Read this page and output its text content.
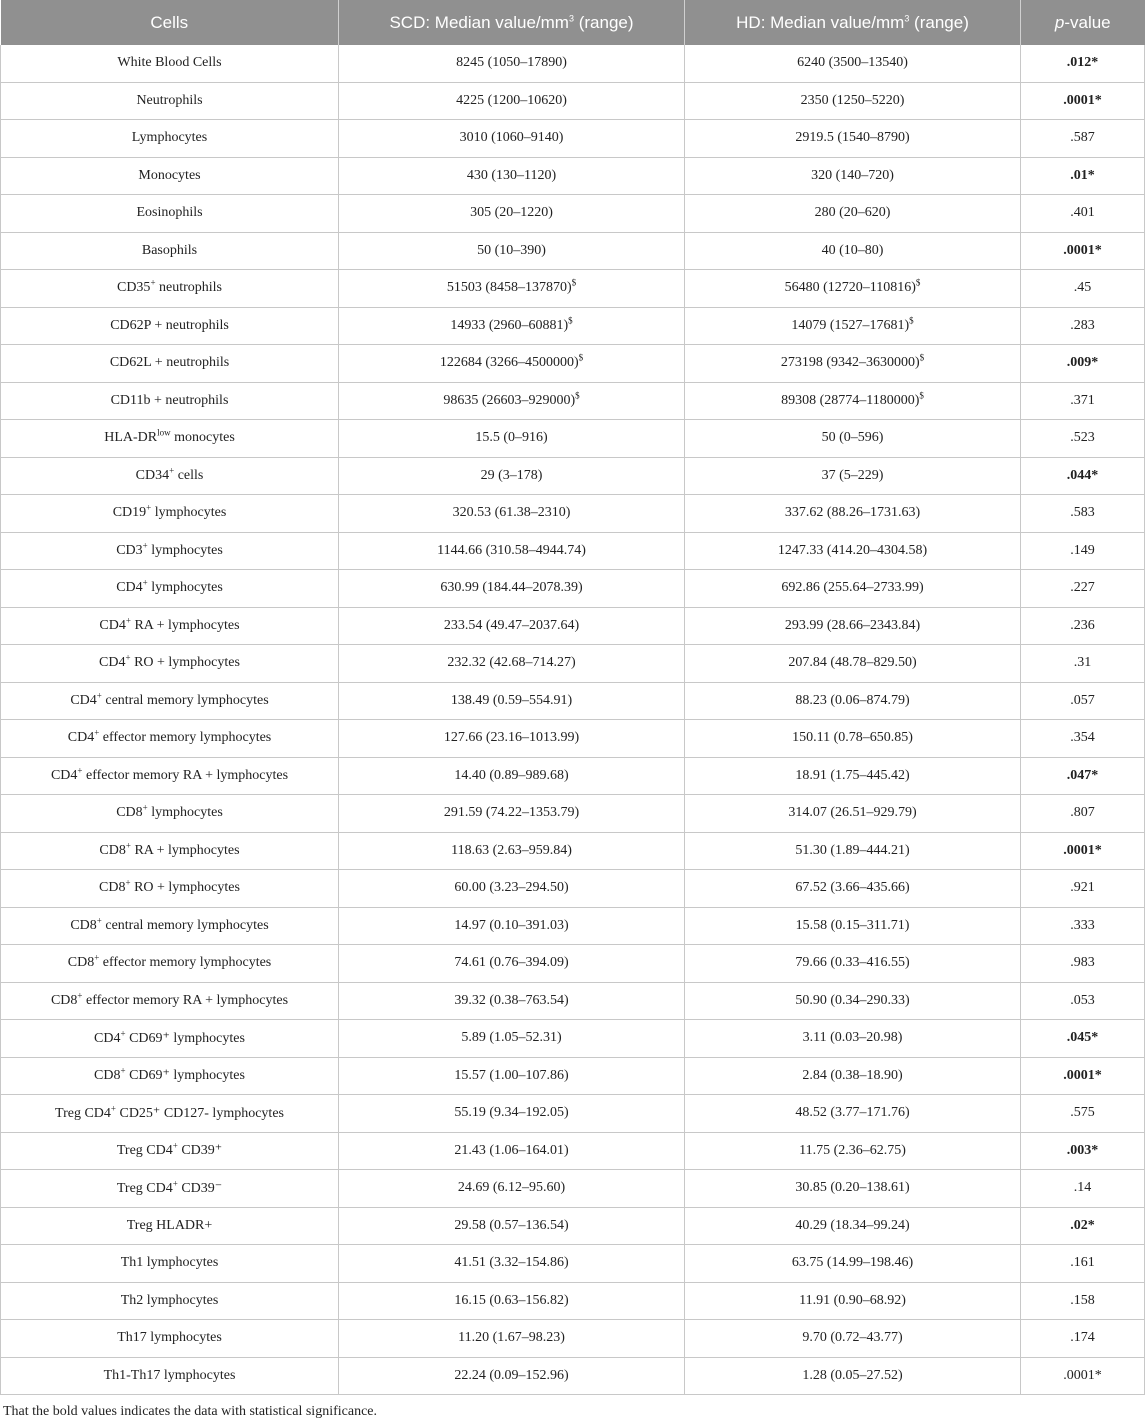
Cells	SCD: Median value/$mm^3$ (range)	HD: Median value/$mm^3$ (range)	p-value
White Blood Cells	8245 (1050–17890)	6240 (3500–13540)	.012*
Neutrophils	4225 (1200–10620)	2350 (1250–5220)	.0001*
Lymphocytes	3010 (1060–9140)	2919.5 (1540–8790)	.587
Monocytes	430 (130–1120)	320 (140–720)	.01*
Eosinophils	305 (20–1220)	280 (20–620)	.401
Basophils	50 (10–390)	40 (10–80)	.0001*
CD35+ neutrophils	51503 (8458–137870)$	56480 (12720–110816)$	.45
CD62P + neutrophils	14933 (2960–60881)$	14079 (1527–17681)$	.283
CD62L + neutrophils	122684 (3266–4500000)$	273198 (9342–3630000)$	.009*
CD11b + neutrophils	98635 (26603–929000)$	89308 (28774–1180000)$	.371
HLA-$DR^{low}$ monocytes	15.5 (0–916)	50 (0–596)	.523
CD34+ cells	29 (3–178)	37 (5–229)	.044*
CD19+ lymphocytes	320.53 (61.38–2310)	337.62 (88.26–1731.63)	.583
CD3+ lymphocytes	1144.66 (310.58–4944.74)	1247.33 (414.20–4304.58)	.149
CD4+ lymphocytes	630.99 (184.44–2078.39)	692.86 (255.64–2733.99)	.227
CD4+ RA + lymphocytes	233.54 (49.47–2037.64)	293.99 (28.66–2343.84)	.236
CD4+ RO + lymphocytes	232.32 (42.68–714.27)	207.84 (48.78–829.50)	.31
CD4+ central memory lymphocytes	138.49 (0.59–554.91)	88.23 (0.06–874.79)	.057
CD4+ effector memory lymphocytes	127.66 (23.16–1013.99)	150.11 (0.78–650.85)	.354
CD4+ effector memory RA + lymphocytes	14.40 (0.89–989.68)	18.91 (1.75–445.42)	.047*
CD8+ lymphocytes	291.59 (74.22–1353.79)	314.07 (26.51–929.79)	.807
CD8+ RA + lymphocytes	118.63 (2.63–959.84)	51.30 (1.89–444.21)	.0001*
CD8+ RO + lymphocytes	60.00 (3.23–294.50)	67.52 (3.66–435.66)	.921
CD8+ central memory lymphocytes	14.97 (0.10–391.03)	15.58 (0.15–311.71)	.333
CD8+ effector memory lymphocytes	74.61 (0.76–394.09)	79.66 (0.33–416.55)	.983
CD8+ effector memory RA + lymphocytes	39.32 (0.38–763.54)	50.90 (0.34–290.33)	.053
CD4+ CD69⁺ lymphocytes	5.89 (1.05–52.31)	3.11 (0.03–20.98)	.045*
CD8+ CD69⁺ lymphocytes	15.57 (1.00–107.86)	2.84 (0.38–18.90)	.0001*
Treg CD4+ CD25⁺ CD127- lymphocytes	55.19 (9.34–192.05)	48.52 (3.77–171.76)	.575
Treg CD4+ CD39⁺	21.43 (1.06–164.01)	11.75 (2.36–62.75)	.003*
Treg CD4+ CD39⁻	24.69 (6.12–95.60)	30.85 (0.20–138.61)	.14
Treg HLADR+	29.58 (0.57–136.54)	40.29 (18.34–99.24)	.02*
Th1 lymphocytes	41.51 (3.32–154.86)	63.75 (14.99–198.46)	.161
Th2 lymphocytes	16.15 (0.63–156.82)	11.91 (0.90–68.92)	.158
Th17 lymphocytes	11.20 (1.67–98.23)	9.70 (0.72–43.77)	.174
Th1-Th17 lymphocytes	22.24 (0.09–152.96)	1.28 (0.05–27.52)	.0001*
That the bold values indicates the data with statistical significance.
